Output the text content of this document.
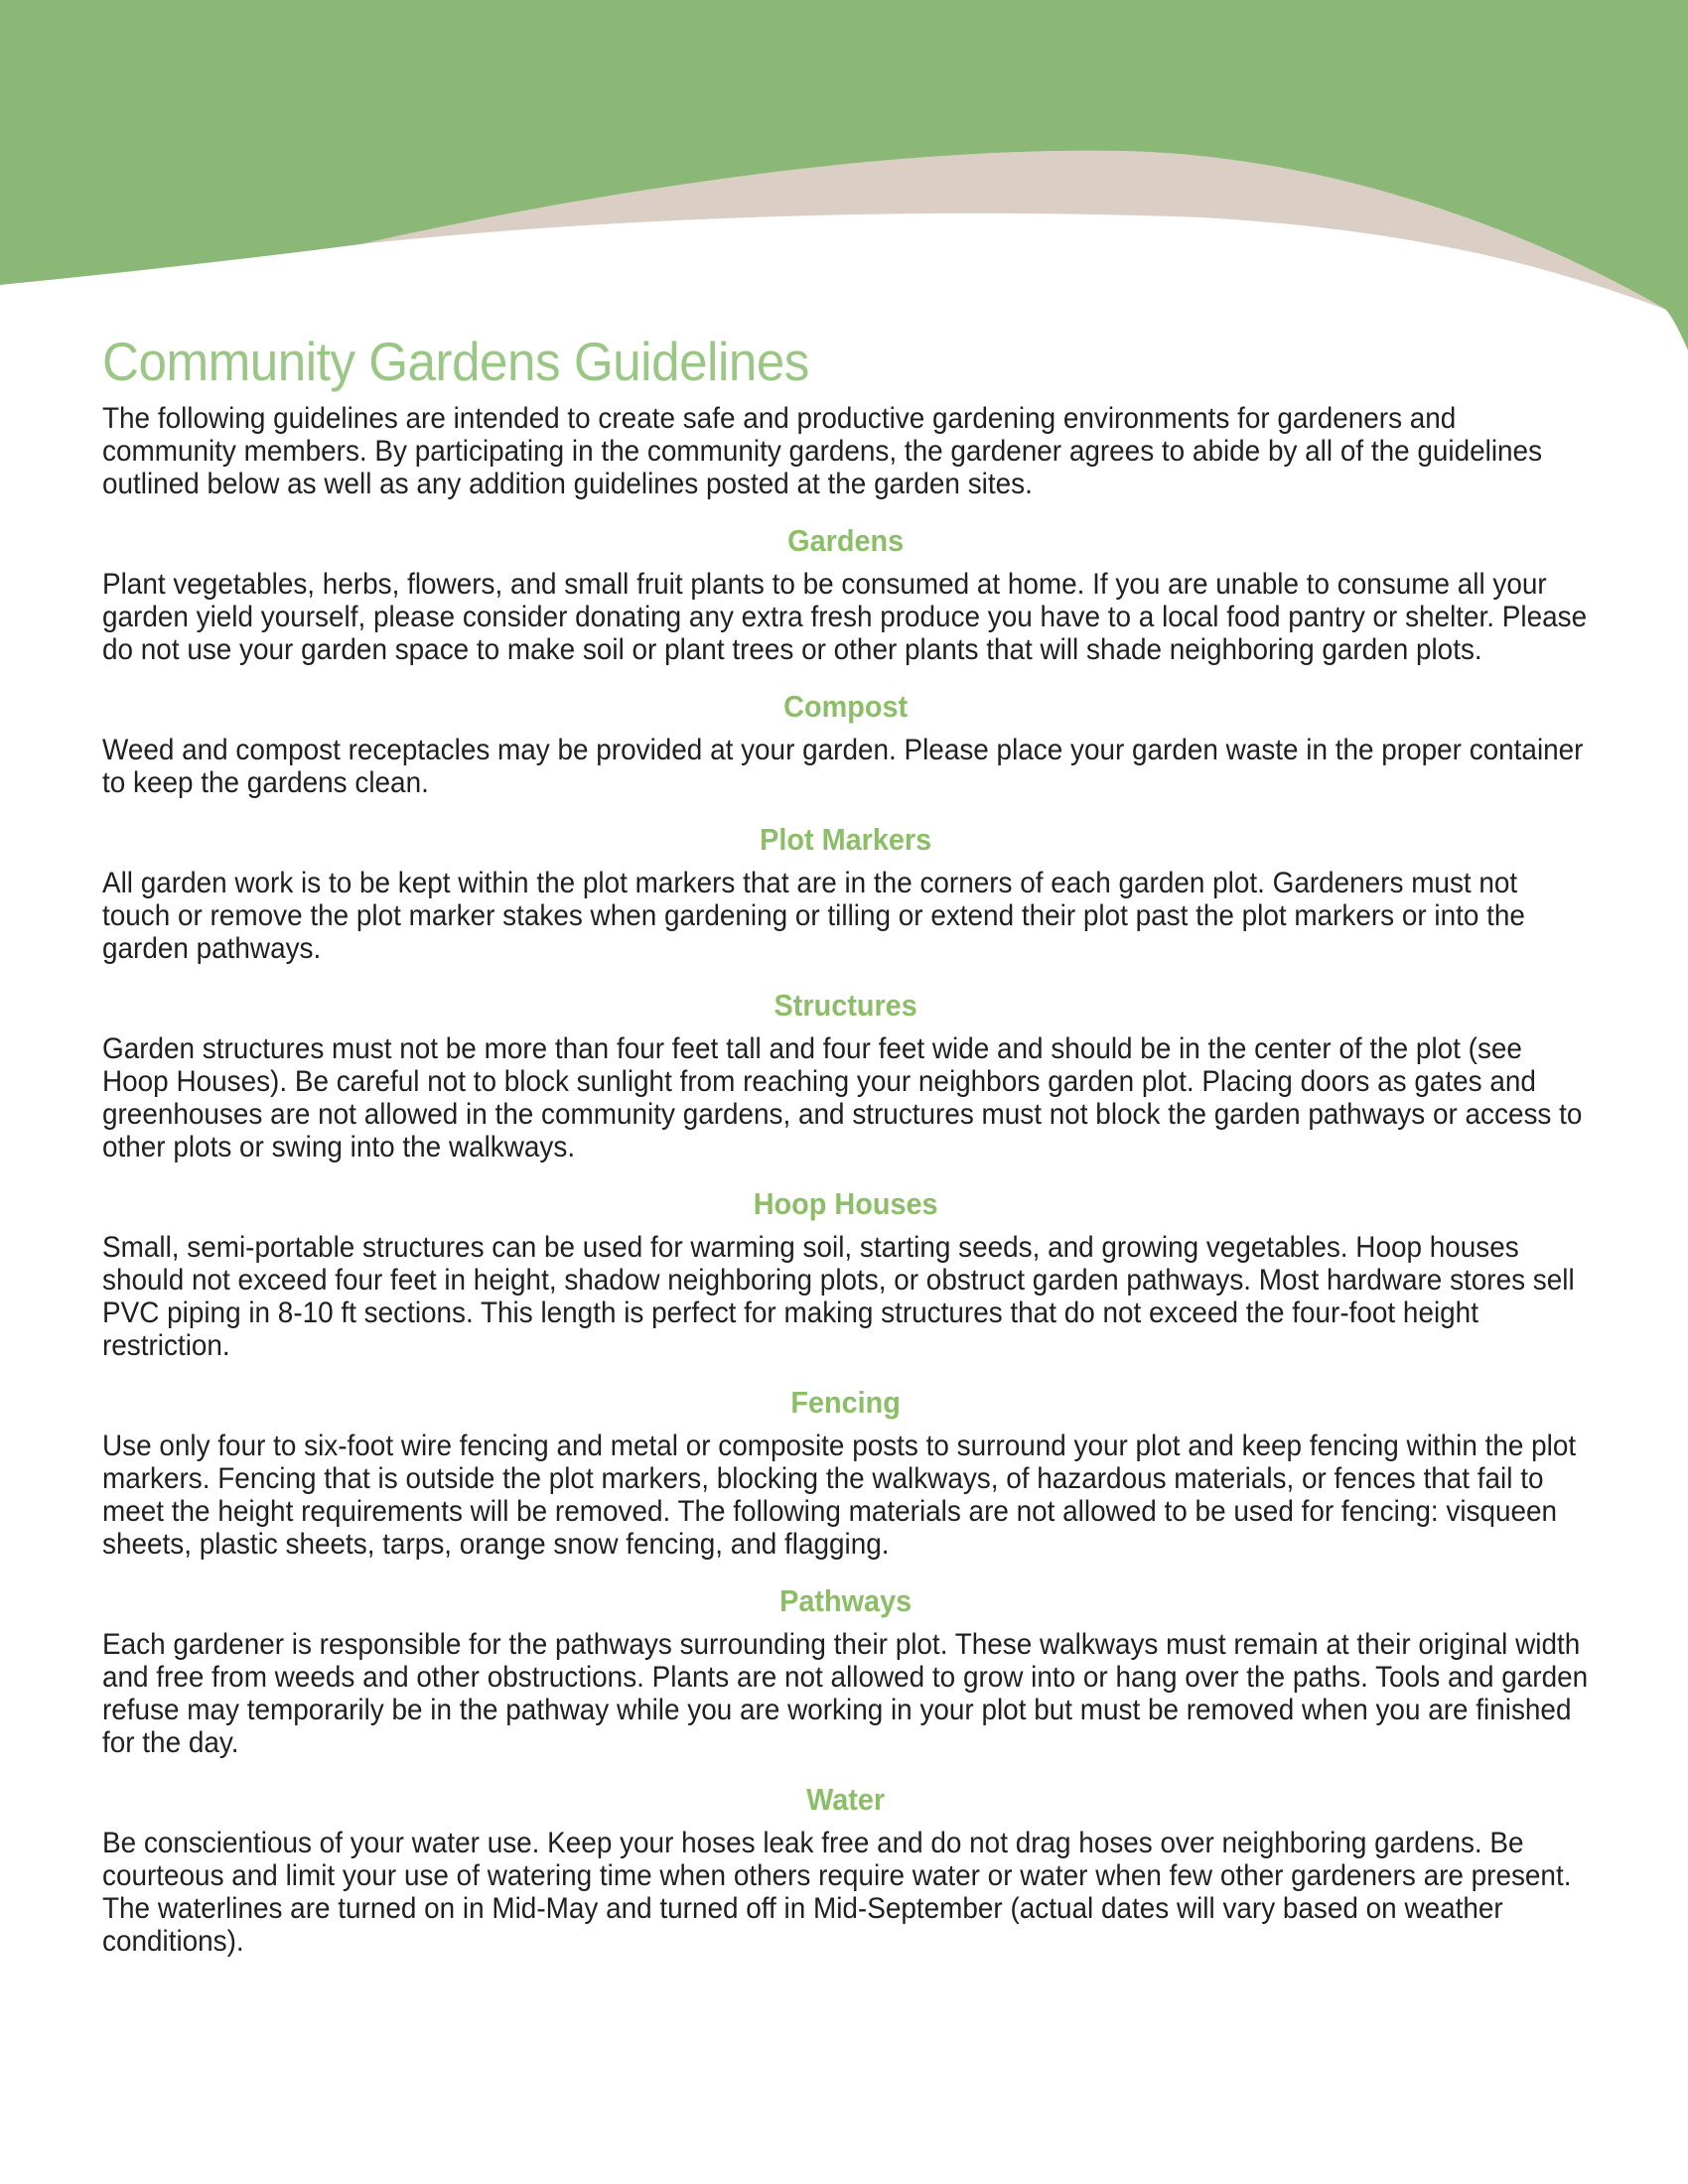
Community Gardens Guidelines

The following guidelines are intended to create safe and productive gardening environments for gardeners and community members. By participating in the community gardens, the gardener agrees to abide by all of the guidelines outlined below as well as any addition guidelines posted at the garden sites.

Gardens

Plant vegetables, herbs, flowers, and small fruit plants to be consumed at home. If you are unable to consume all your garden yield yourself, please consider donating any extra fresh produce you have to a local food pantry or shelter. Please do not use your garden space to make soil or plant trees or other plants that will shade neighboring garden plots.

Compost

Weed and compost receptacles may be provided at your garden. Please place your garden waste in the proper container to keep the gardens clean.

Plot Markers

All garden work is to be kept within the plot markers that are in the corners of each garden plot. Gardeners must not touch or remove the plot marker stakes when gardening or tilling or extend their plot past the plot markers or into the garden pathways.

Structures

Garden structures must not be more than four feet tall and four feet wide and should be in the center of the plot (see Hoop Houses). Be careful not to block sunlight from reaching your neighbors garden plot. Placing doors as gates and greenhouses are not allowed in the community gardens, and structures must not block the garden pathways or access to other plots or swing into the walkways.

Hoop Houses

Small, semi-portable structures can be used for warming soil, starting seeds, and growing vegetables. Hoop houses should not exceed four feet in height, shadow neighboring plots, or obstruct garden pathways. Most hardware stores sell PVC piping in 8-10 ft sections. This length is perfect for making structures that do not exceed the four-foot height restriction.

Fencing

Use only four to six-foot wire fencing and metal or composite posts to surround your plot and keep fencing within the plot markers. Fencing that is outside the plot markers, blocking the walkways, of hazardous materials, or fences that fail to meet the height requirements will be removed. The following materials are not allowed to be used for fencing: visqueen sheets, plastic sheets, tarps, orange snow fencing, and flagging.

Pathways

Each gardener is responsible for the pathways surrounding their plot. These walkways must remain at their original width and free from weeds and other obstructions. Plants are not allowed to grow into or hang over the paths. Tools and garden refuse may temporarily be in the pathway while you are working in your plot but must be removed when you are finished for the day.

Water

Be conscientious of your water use. Keep your hoses leak free and do not drag hoses over neighboring gardens. Be courteous and limit your use of watering time when others require water or water when few other gardeners are present. The waterlines are turned on in Mid-May and turned off in Mid-September (actual dates will vary based on weather conditions).
